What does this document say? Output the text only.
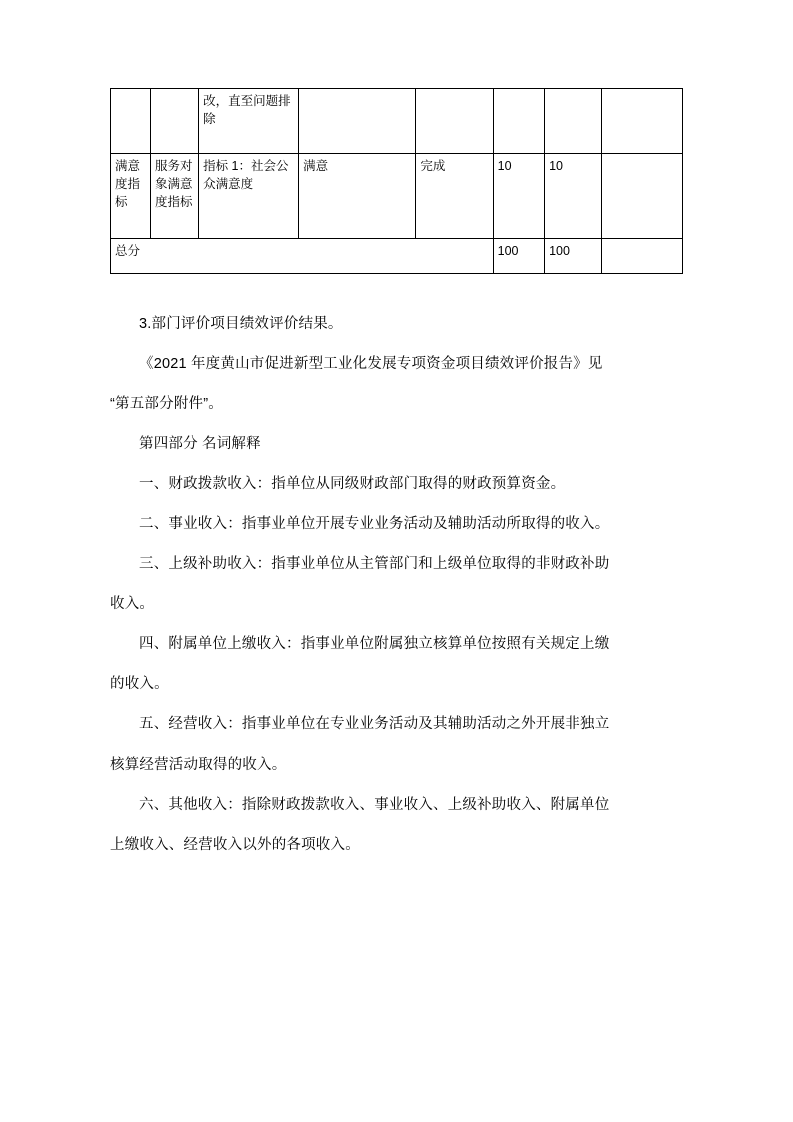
		改，直至问题排除					
满意度指标	服务对象满意度指标	指标 1：社会公众满意度	满意	完成	10	10	
总分					100	100	

3.部门评价项目绩效评价结果。

《2021 年度黄山市促进新型工业化发展专项资金项目绩效评价报告》见

“第五部分附件”。

第四部分 名词解释

一、财政拨款收入：指单位从同级财政部门取得的财政预算资金。

二、事业收入：指事业单位开展专业业务活动及辅助活动所取得的收入。

三、上级补助收入：指事业单位从主管部门和上级单位取得的非财政补助

收入。

四、附属单位上缴收入：指事业单位附属独立核算单位按照有关规定上缴

的收入。

五、经营收入：指事业单位在专业业务活动及其辅助活动之外开展非独立

核算经营活动取得的收入。

六、其他收入：指除财政拨款收入、事业收入、上级补助收入、附属单位

上缴收入、经营收入以外的各项收入。
